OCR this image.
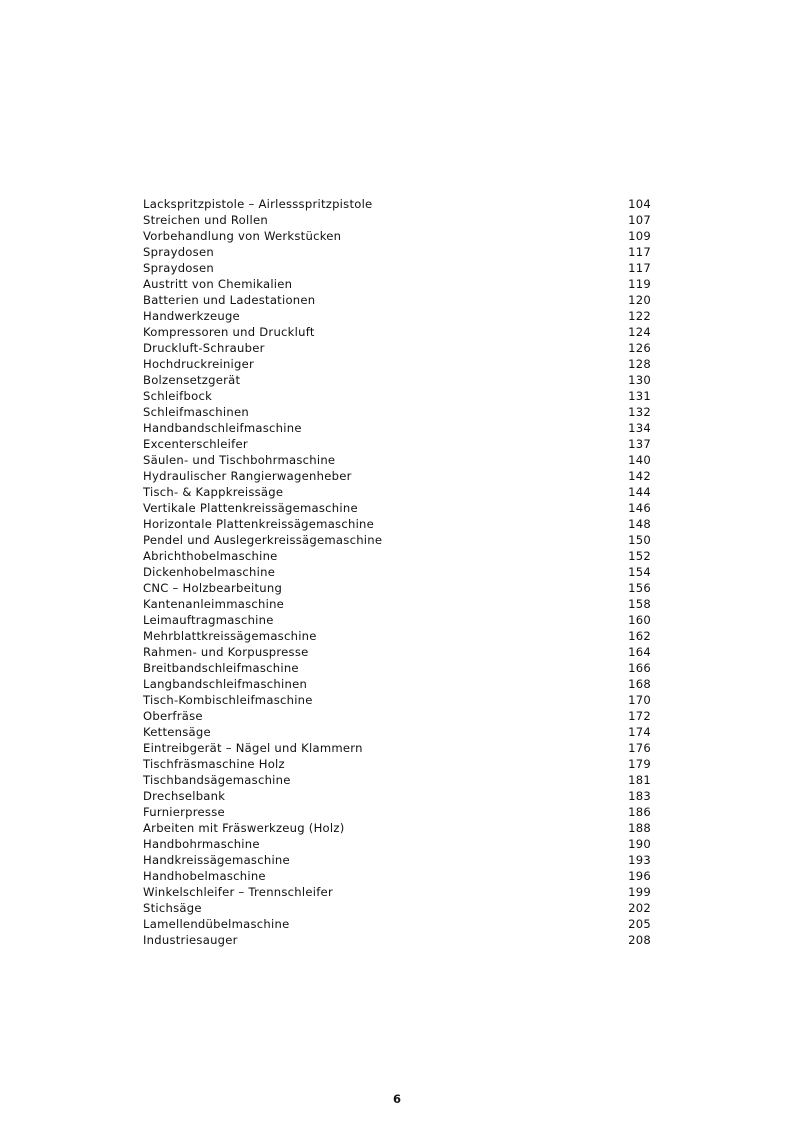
Lackspritzpistole – Airlessspritzpistole	104
Streichen und Rollen	107
Vorbehandlung von Werkstücken	109
Spraydosen	117
Spraydosen	117
Austritt von Chemikalien	119
Batterien und Ladestationen	120
Handwerkzeuge	122
Kompressoren und Druckluft	124
Druckluft-Schrauber	126
Hochdruckreiniger	128
Bolzensetzgerät	130
Schleifbock	131
Schleifmaschinen	132
Handbandschleifmaschine	134
Excenterschleifer	137
Säulen- und Tischbohrmaschine	140
Hydraulischer Rangierwagenheber	142
Tisch- & Kappkreissäge	144
Vertikale Plattenkreissägemaschine	146
Horizontale Plattenkreissägemaschine	148
Pendel und Auslegerkreissägemaschine	150
Abrichthobelmaschine	152
Dickenhobelmaschine	154
CNC – Holzbearbeitung	156
Kantenanleimmaschine	158
Leimauftragmaschine	160
Mehrblattkreissägemaschine	162
Rahmen- und Korpuspresse	164
Breitbandschleifmaschine	166
Langbandschleifmaschinen	168
Tisch-Kombischleifmaschine	170
Oberfräse	172
Kettensäge	174
Eintreibgerät – Nägel und Klammern	176
Tischfräsmaschine Holz	179
Tischbandsägemaschine	181
Drechselbank	183
Furnierpresse	186
Arbeiten mit Fräswerkzeug (Holz)	188
Handbohrmaschine	190
Handkreissägemaschine	193
Handhobelmaschine	196
Winkelschleifer – Trennschleifer	199
Stichsäge	202
Lamellendübelmaschine	205
Industriesauger	208
6
